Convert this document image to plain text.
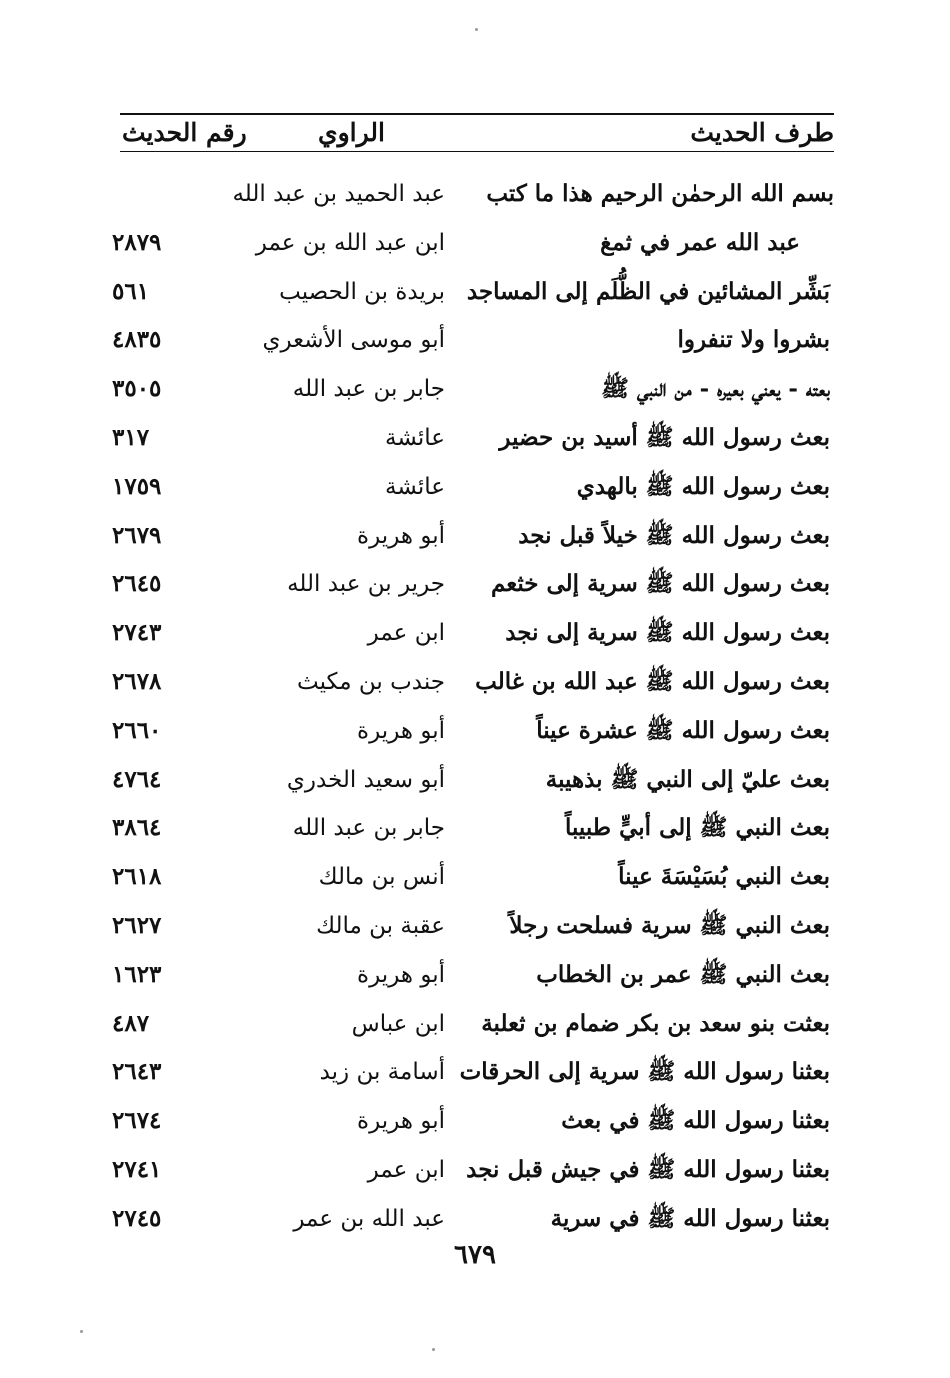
طرف الحديث
الراوي
رقم الحديث
بسم الله الرحمٰن الرحيم هذا ما كتب
عبد الحميد بن عبد الله
عبد الله عمر في ثمغ
ابن عبد الله بن عمر
٢٨٧٩
بَشِّر المشائين في الظُّلَم إلى المساجد
بريدة بن الحصيب
٥٦١
بشروا ولا تنفروا
أبو موسى الأشعري
٤٨٣٥
بعته - يعني بعيره - من النبي ﷺ
جابر بن عبد الله
٣٥٠٥
بعث رسول الله ﷺ أسيد بن حضير
عائشة
٣١٧
بعث رسول الله ﷺ بالهدي
عائشة
١٧٥٩
بعث رسول الله ﷺ خيلاً قبل نجد
أبو هريرة
٢٦٧٩
بعث رسول الله ﷺ سرية إلى خثعم
جرير بن عبد الله
٢٦٤٥
بعث رسول الله ﷺ سرية إلى نجد
ابن عمر
٢٧٤٣
بعث رسول الله ﷺ عبد الله بن غالب
جندب بن مكيث
٢٦٧٨
بعث رسول الله ﷺ عشرة عيناً
أبو هريرة
٢٦٦٠
بعث عليّ إلى النبي ﷺ بذهيبة
أبو سعيد الخدري
٤٧٦٤
بعث النبي ﷺ إلى أبيٍّ طبيباً
جابر بن عبد الله
٣٨٦٤
بعث النبي بُسَيْسَةَ عيناً
أنس بن مالك
٢٦١٨
بعث النبي ﷺ سرية فسلحت رجلاً
عقبة بن مالك
٢٦٢٧
بعث النبي ﷺ عمر بن الخطاب
أبو هريرة
١٦٢٣
بعثت بنو سعد بن بكر ضمام بن ثعلبة
ابن عباس
٤٨٧
بعثنا رسول الله ﷺ سرية إلى الحرقات
أسامة بن زيد
٢٦٤٣
بعثنا رسول الله ﷺ في بعث
أبو هريرة
٢٦٧٤
بعثنا رسول الله ﷺ في جيش قبل نجد
ابن عمر
٢٧٤١
بعثنا رسول الله ﷺ في سرية
عبد الله بن عمر
٢٧٤٥
٦٧٩
